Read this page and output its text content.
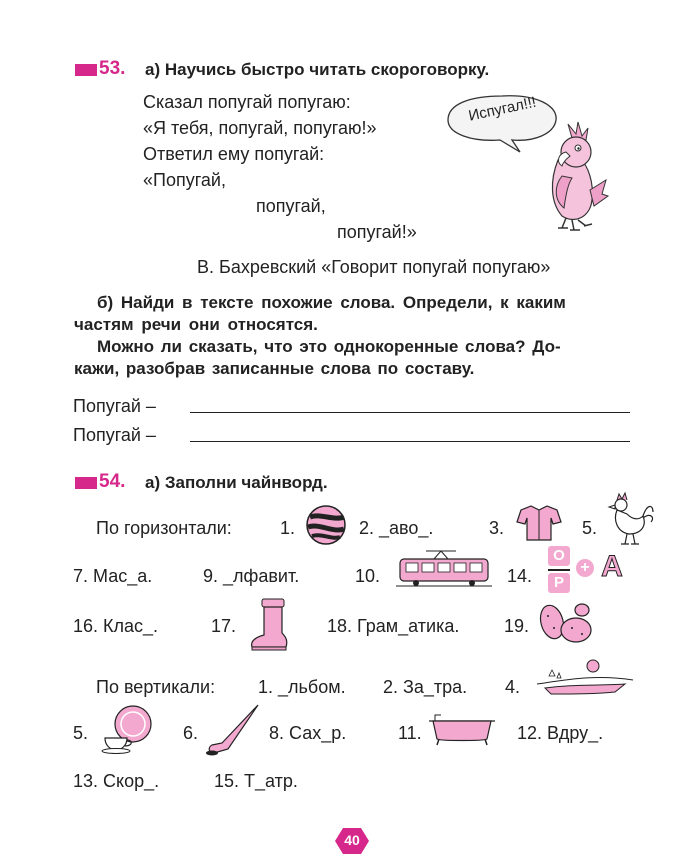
53. а) Научись быстро читать скороговорку.
Сказал попугай попугаю:
«Я тебя, попугай, попугаю!»
Ответил ему попугай:
«Попугай,
попугай,
попугай!»
Испугал!!!
В. Бахревский «Говорит попугай попугаю»
б) Найди в тексте похожие слова. Определи, к каким
частям речи они относятся.
Можно ли сказать, что это однокоренные слова? До-
кажи, разобрав записанные слова по составу.
Попугай –
Попугай –
54. а) Заполни чайнворд.
По горизонтали:	1.	2. _аво_.	3.	5.
7. Мас_а.	9. _лфавит.	10.	14.
О
Р
+ А
16. Клас_.	17.	18. Грам_атика. 19.
По вертикали: 1. _льбом. 2. За_тра. 4.
5.	6.	8. Сах_р.	11.	12. Вдру_.
13. Скор_.	15. Т_атр.
40
